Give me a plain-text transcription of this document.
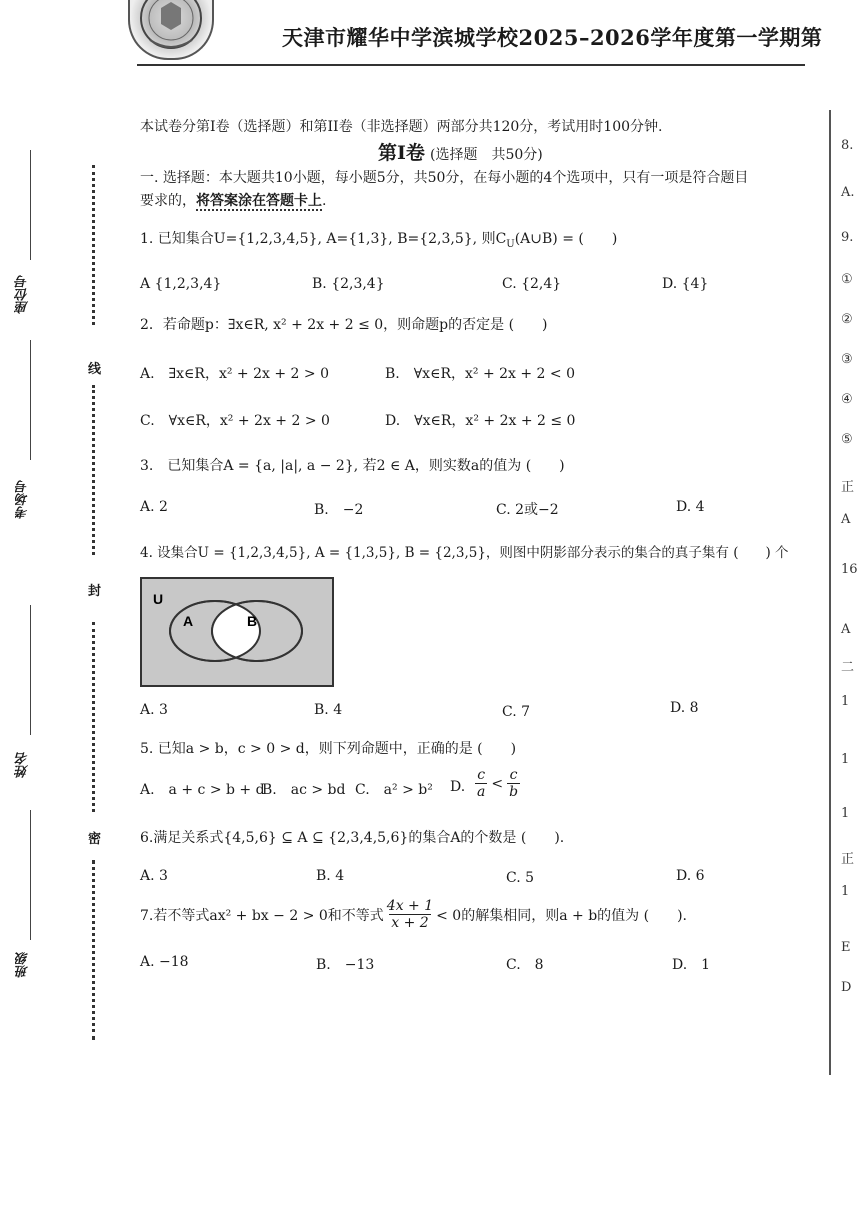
天津市耀华中学滨城学校2025–2026学年度第一学期第
座位号
考场号
姓名
班级
线
封
密
8.
A.
9.
①
②
③
④
⑤
正
A
16
A
二
1
1
1
正
1
E
D
本试卷分第I卷（选择题）和第II卷（非选择题）两部分共120分，考试用时100分钟.
第Ⅰ卷 (选择题　共50分)
一. 选择题：本大题共10小题，每小题5分，共50分，在每小题的4个选项中，只有一项是符合题目
要求的，将答案涂在答题卡上.
1. 已知集合U={1,2,3,4,5}, A={1,3}, B={2,3,5}, 则$C_U(A\cup B)$ = (　　)
A {1,2,3,4}	B. {2,3,4}	C. {2,4}	D. {4}
2．若命题p：∃x∈R, x² + 2x + 2 ≤ 0，则命题p的否定是 (　　)
A.　∃x∈R，x² + 2x + 2 > 0	B.　∀x∈R，x² + 2x + 2 < 0
C.　∀x∈R，x² + 2x + 2 > 0	D.　∀x∈R，x² + 2x + 2 ≤ 0
3.　已知集合A = {a, |a|, a − 2}, 若2 ∈ A，则实数a的值为 (　　)
A. 2	B.　−2	C. 2或−2	D. 4
4. 设集合U = {1,2,3,4,5}, A = {1,3,5}, B = {2,3,5}，则图中阴影部分表示的集合的真子集有 (　　) 个
U
A	B
A. 3	B. 4	C. 7	D. 8
5. 已知a > b，c > 0 > d，则下列命题中，正确的是 (　　)
A.　a + c > b + d
B.　ac > bd C.　a² > b² D. $\frac{c}{a} < \frac{c}{b}$
6.满足关系式{4,5,6} ⊆ A ⊆ {2,3,4,5,6}的集合A的个数是 (　　).
A. 3	B. 4	C. 5	D. 6
7.若不等式ax² + bx − 2 > 0和不等式 $\frac{4x + 1}{x + 2} < 0$的解集相同，则a + b的值为 (　　).
A. −18	B.　−13	C.　8	D.　1
